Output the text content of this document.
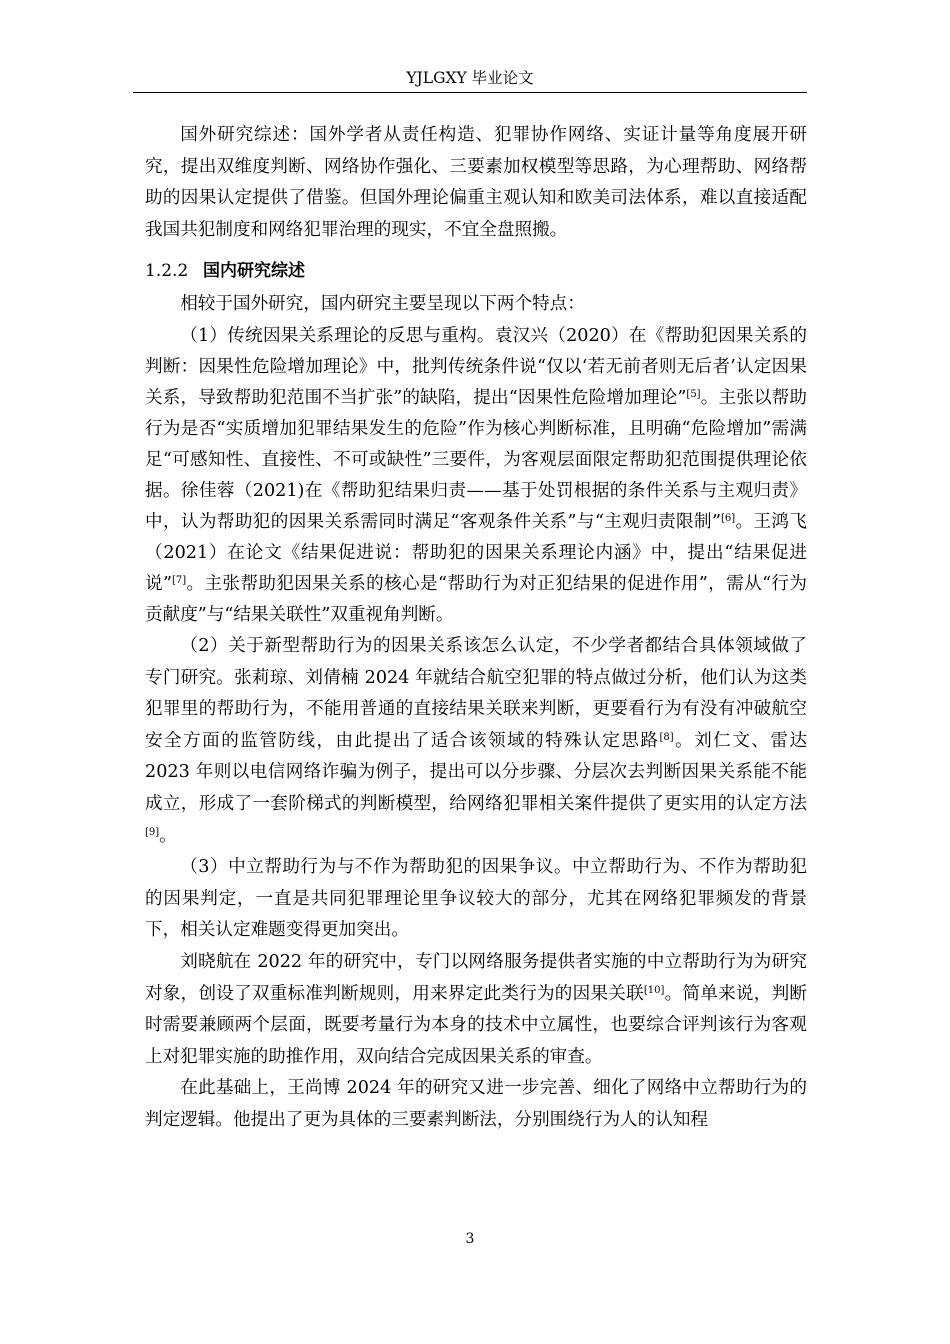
YJLGXY 毕业论文

国外研究综述：国外学者从责任构造、犯罪协作网络、实证计量等角度展开研究，提出双维度判断、网络协作强化、三要素加权模型等思路，为心理帮助、网络帮助的因果认定提供了借鉴。但国外理论偏重主观认知和欧美司法体系，难以直接适配我国共犯制度和网络犯罪治理的现实，不宜全盘照搬。

1.2.2 国内研究综述

相较于国外研究，国内研究主要呈现以下两个特点：

（1）传统因果关系理论的反思与重构。袁汉兴（2020）在《帮助犯因果关系的判断：因果性危险增加理论》中，批判传统条件说“仅以‘若无前者则无后者’认定因果关系，导致帮助犯范围不当扩张”的缺陷，提出“因果性危险增加理论”[5]。主张以帮助行为是否“实质增加犯罪结果发生的危险”作为核心判断标准，且明确“危险增加”需满足“可感知性、直接性、不可或缺性”三要件，为客观层面限定帮助犯范围提供理论依据。徐佳蓉（2021)在《帮助犯结果归责——基于处罚根据的条件关系与主观归责》中，认为帮助犯的因果关系需同时满足“客观条件关系”与“主观归责限制”[6]。王鸿飞（2021）在论文《结果促进说：帮助犯的因果关系理论内涵》中，提出“结果促进说”[7]。主张帮助犯因果关系的核心是“帮助行为对正犯结果的促进作用”，需从“行为贡献度”与“结果关联性”双重视角判断。

（2）关于新型帮助行为的因果关系该怎么认定，不少学者都结合具体领域做了专门研究。张莉琼、刘倩楠 2024 年就结合航空犯罪的特点做过分析，他们认为这类犯罪里的帮助行为，不能用普通的直接结果关联来判断，更要看行为有没有冲破航空安全方面的监管防线，由此提出了适合该领域的特殊认定思路[8]。刘仁文、雷达 2023 年则以电信网络诈骗为例子，提出可以分步骤、分层次去判断因果关系能不能成立，形成了一套阶梯式的判断模型，给网络犯罪相关案件提供了更实用的认定方法[9]。

（3）中立帮助行为与不作为帮助犯的因果争议。中立帮助行为、不作为帮助犯的因果判定，一直是共同犯罪理论里争议较大的部分，尤其在网络犯罪频发的背景下，相关认定难题变得更加突出。

刘晓航在 2022 年的研究中，专门以网络服务提供者实施的中立帮助行为为研究对象，创设了双重标准判断规则，用来界定此类行为的因果关联[10]。简单来说，判断时需要兼顾两个层面，既要考量行为本身的技术中立属性，也要综合评判该行为客观上对犯罪实施的助推作用，双向结合完成因果关系的审查。

在此基础上，王尚博 2024 年的研究又进一步完善、细化了网络中立帮助行为的判定逻辑。他提出了更为具体的三要素判断法，分别围绕行为人的认知程

3
